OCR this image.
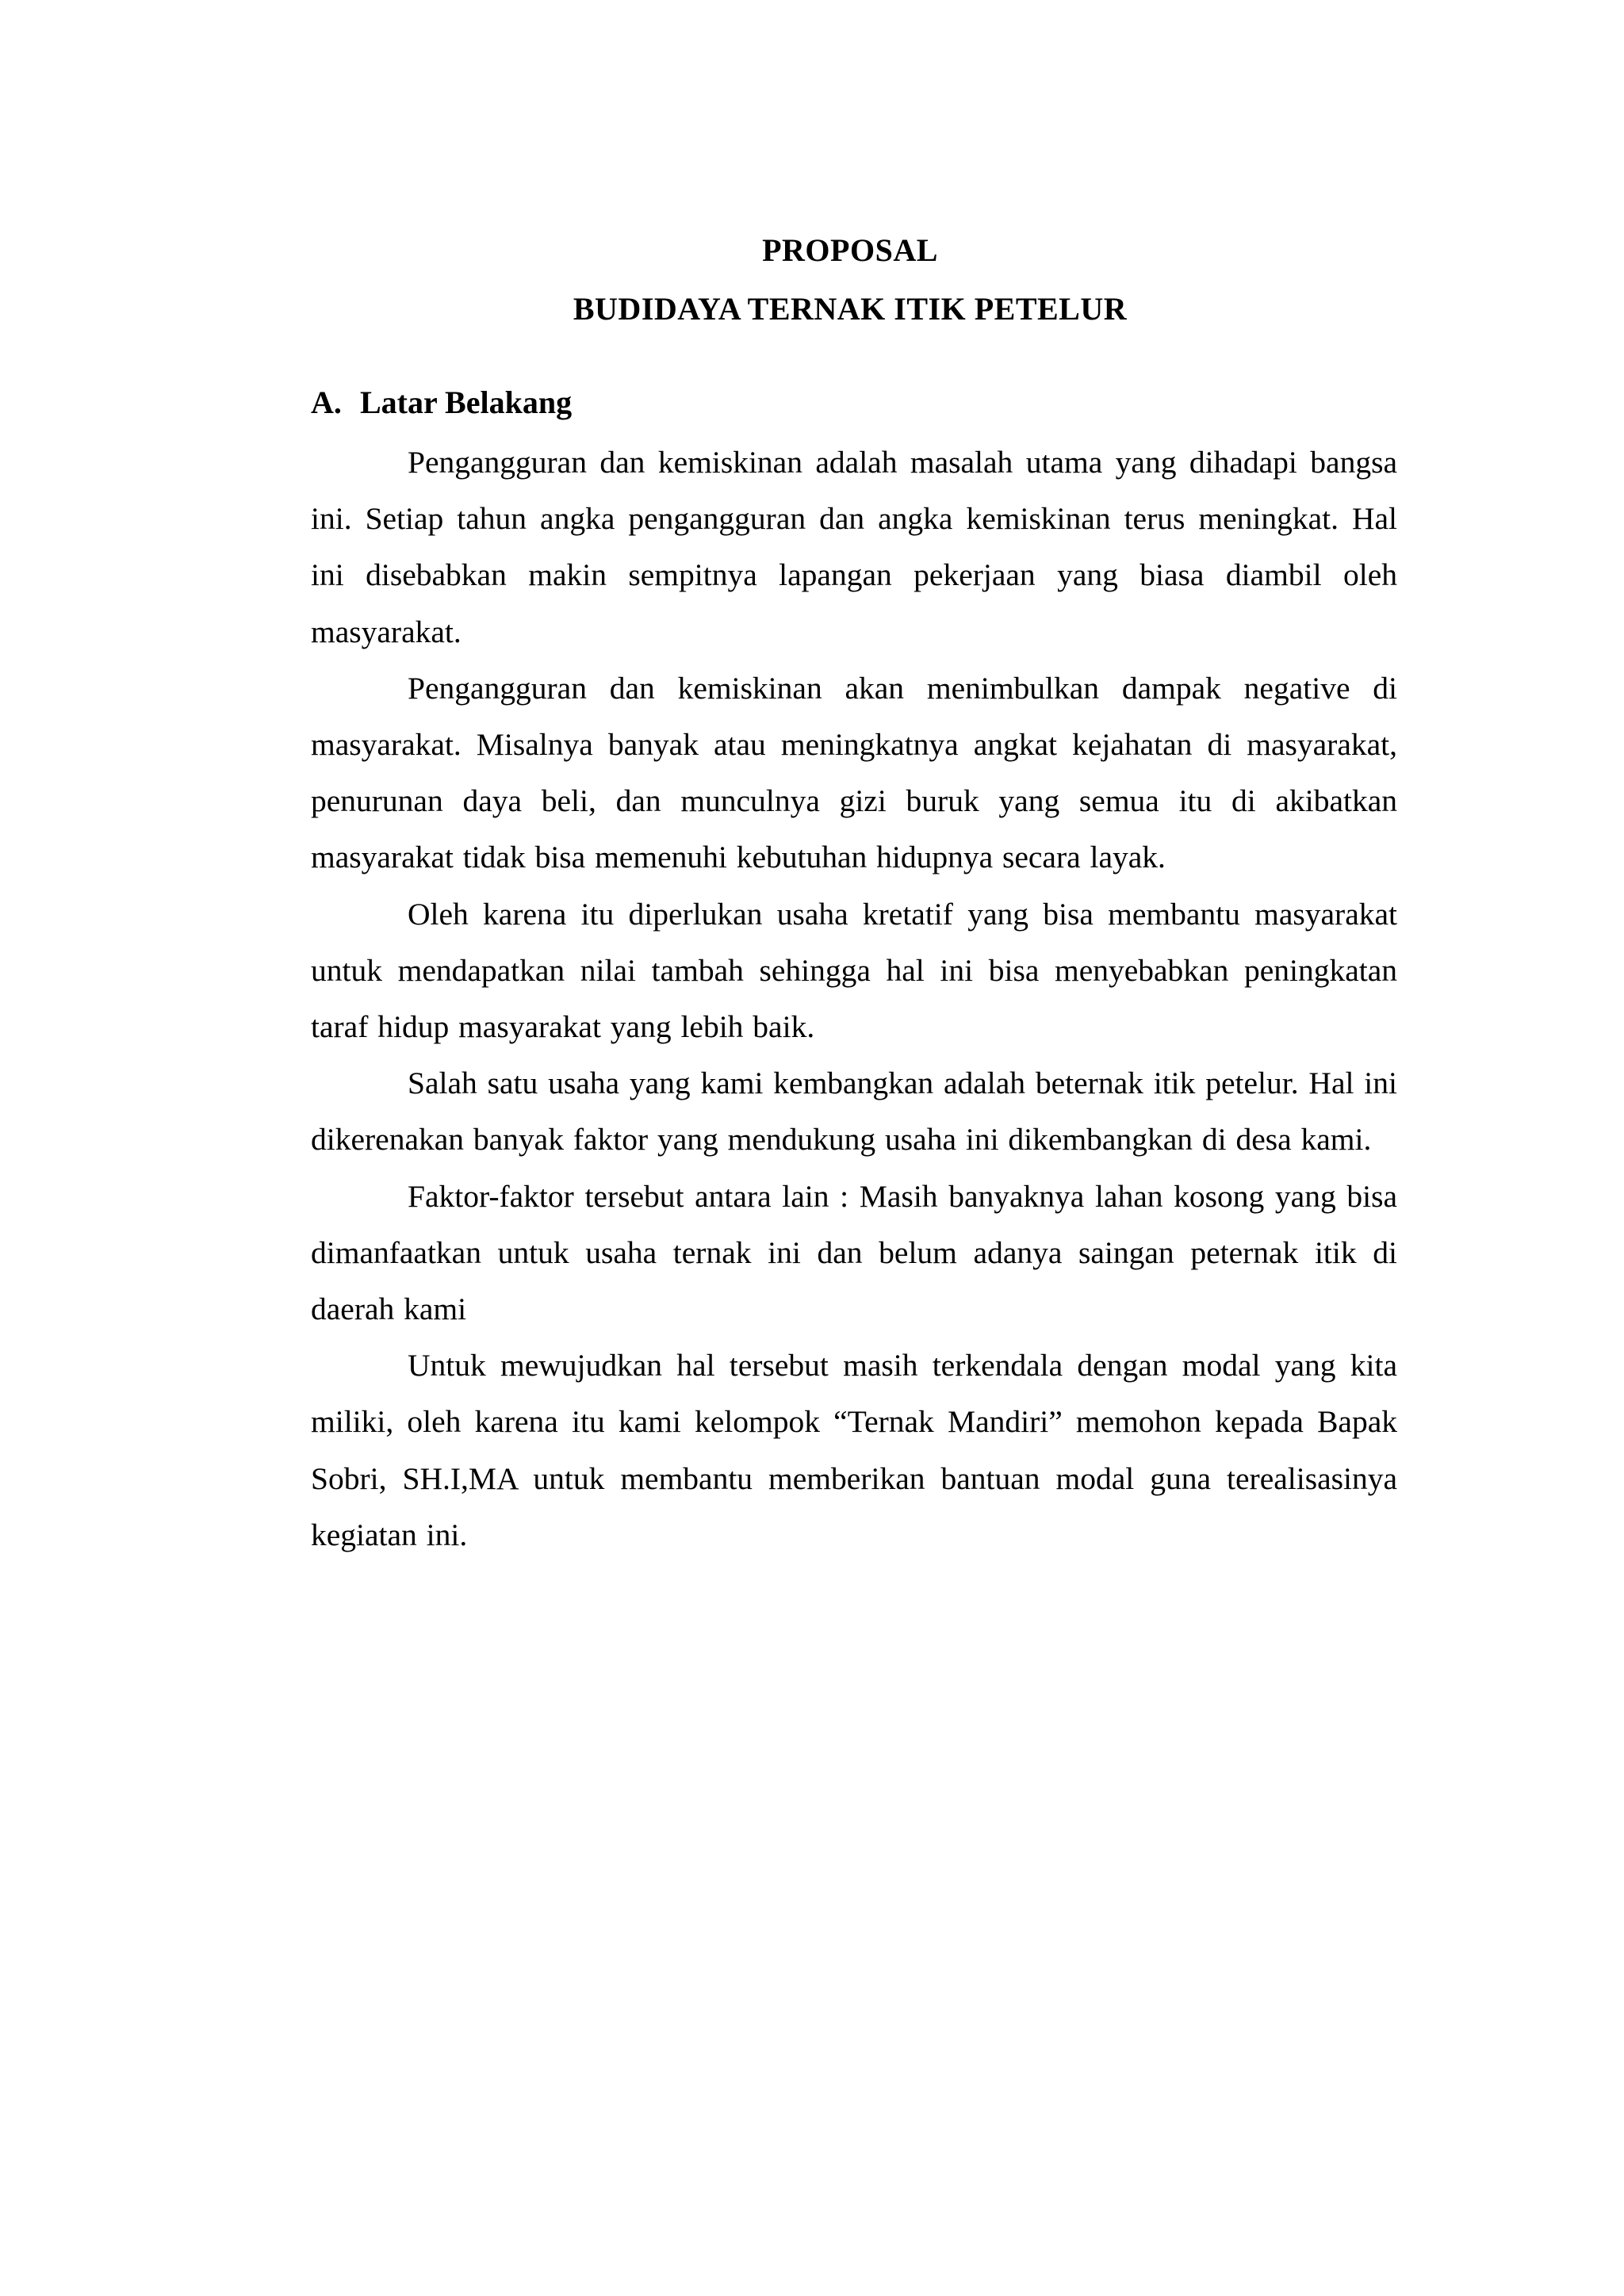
PROPOSAL
BUDIDAYA TERNAK ITIK PETELUR
A. Latar Belakang

Pengangguran dan kemiskinan adalah masalah utama yang dihadapi bangsa ini. Setiap tahun angka pengangguran dan angka kemiskinan terus meningkat. Hal ini disebabkan makin sempitnya lapangan pekerjaan yang biasa diambil oleh masyarakat.

Pengangguran dan kemiskinan akan menimbulkan dampak negative di masyarakat. Misalnya banyak atau meningkatnya angkat kejahatan di masyarakat, penurunan daya beli, dan munculnya gizi buruk yang semua itu di akibatkan masyarakat tidak bisa memenuhi kebutuhan hidupnya secara layak.

Oleh karena itu diperlukan usaha kretatif yang bisa membantu masyarakat untuk mendapatkan nilai tambah sehingga hal ini bisa menyebabkan peningkatan taraf hidup masyarakat yang lebih baik.

Salah satu usaha yang kami kembangkan adalah beternak itik petelur. Hal ini dikerenakan banyak faktor yang mendukung usaha ini dikembangkan di desa kami.

Faktor-faktor tersebut antara lain : Masih banyaknya lahan kosong yang bisa dimanfaatkan untuk usaha ternak ini dan belum adanya saingan peternak itik di daerah kami

Untuk mewujudkan hal tersebut masih terkendala dengan modal yang kita miliki, oleh karena itu kami kelompok “Ternak Mandiri” memohon kepada Bapak Sobri, SH.I,MA untuk membantu memberikan bantuan modal guna terealisasinya kegiatan ini.
